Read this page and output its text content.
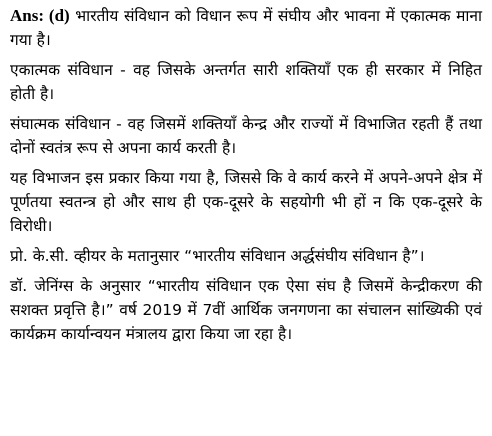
Ans: (d) भारतीय संविधान को विधान रूप में संघीय और भावना में एकात्मक माना गया है।

एकात्मक संविधान - वह जिसके अन्तर्गत सारी शक्तियाँ एक ही सरकार में निहित होती है।

संघात्मक संविधान - वह जिसमें शक्तियाँ केन्द्र और राज्यों में विभाजित रहती हैं तथा दोनों स्वतंत्र रूप से अपना कार्य करती है।

यह विभाजन इस प्रकार किया गया है, जिससे कि वे कार्य करने में अपने-अपने क्षेत्र में पूर्णतया स्वतन्त्र हो और साथ ही एक-दूसरे के सहयोगी भी हों न कि एक-दूसरे के विरोधी।

प्रो. के.सी. व्हीयर के मतानुसार “भारतीय संविधान अर्द्धसंघीय संविधान है”।

डॉ. जेनिंग्स के अनुसार “भारतीय संविधान एक ऐसा संघ है जिसमें केन्द्रीकरण की सशक्त प्रवृत्ति है।” वर्ष 2019 में 7वीं आर्थिक जनगणना का संचालन सांख्यिकी एवं कार्यक्रम कार्यान्वयन मंत्रालय द्वारा किया जा रहा है।
